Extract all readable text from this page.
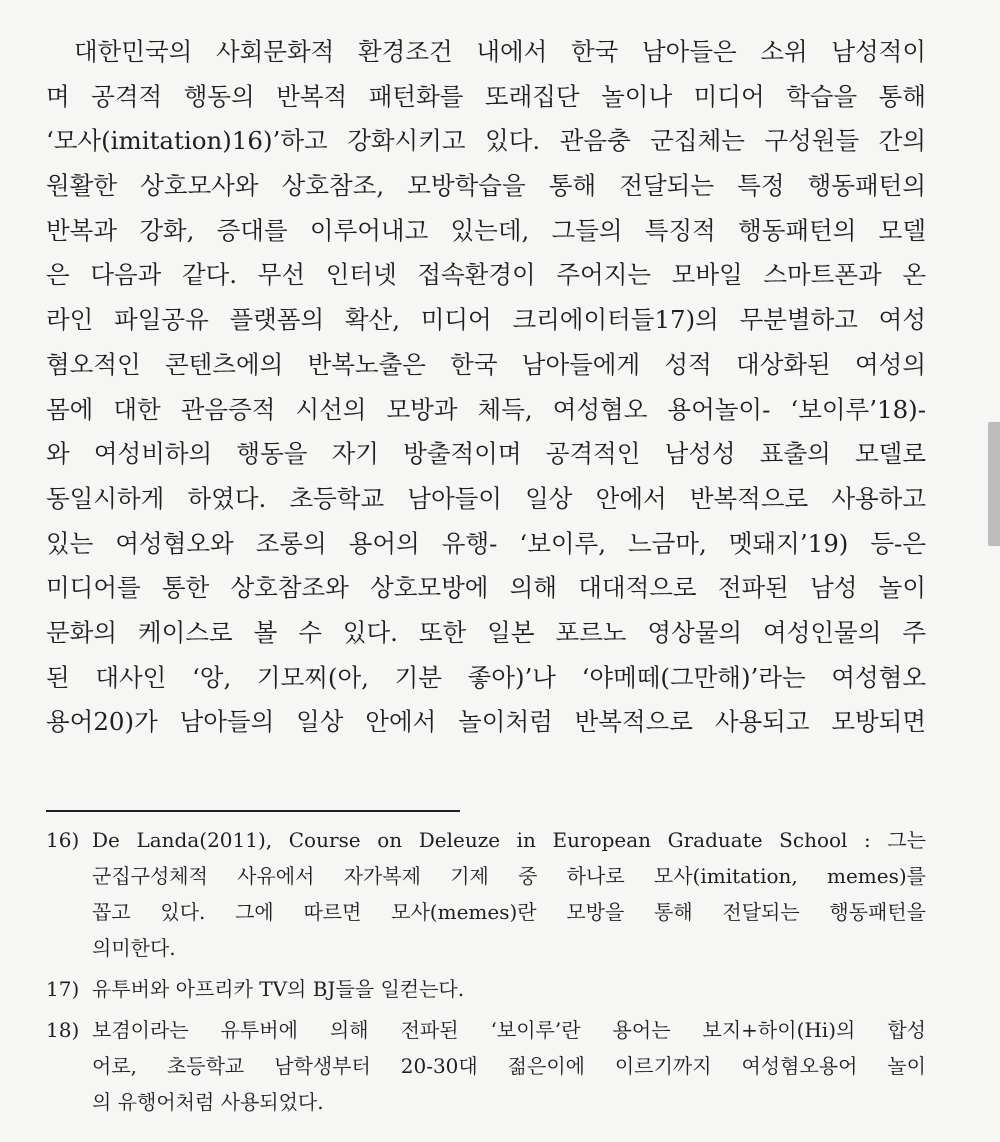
대한민국의 사회문화적 환경조건 내에서 한국 남아들은 소위 남성적이
며 공격적 행동의 반복적 패턴화를 또래집단 놀이나 미디어 학습을 통해
‘모사(imitation)16)’하고 강화시키고 있다. 관음충 군집체는 구성원들 간의
원활한 상호모사와 상호참조, 모방학습을 통해 전달되는 특정 행동패턴의
반복과 강화, 증대를 이루어내고 있는데, 그들의 특징적 행동패턴의 모델
은 다음과 같다. 무선 인터넷 접속환경이 주어지는 모바일 스마트폰과 온
라인 파일공유 플랫폼의 확산, 미디어 크리에이터들17)의 무분별하고 여성
혐오적인 콘텐츠에의 반복노출은 한국 남아들에게 성적 대상화된 여성의
몸에 대한 관음증적 시선의 모방과 체득, 여성혐오 용어놀이- ‘보이루’18)-
와 여성비하의 행동을 자기 방출적이며 공격적인 남성성 표출의 모델로
동일시하게 하였다. 초등학교 남아들이 일상 안에서 반복적으로 사용하고
있는 여성혐오와 조롱의 용어의 유행- ‘보이루, 느금마, 멧돼지’19) 등-은
미디어를 통한 상호참조와 상호모방에 의해 대대적으로 전파된 남성 놀이
문화의 케이스로 볼 수 있다. 또한 일본 포르노 영상물의 여성인물의 주
된 대사인 ‘앙, 기모찌(아, 기분 좋아)’나 ‘야메떼(그만해)’라는 여성혐오
용어20)가 남아들의 일상 안에서 놀이처럼 반복적으로 사용되고 모방되면
16) De Landa(2011), Course on Deleuze in European Graduate School : 그는
군집구성체적 사유에서 자가복제 기제 중 하나로 모사(imitation, memes)를
꼽고 있다. 그에 따르면 모사(memes)란 모방을 통해 전달되는 행동패턴을
의미한다.
17) 유투버와 아프리카 TV의 BJ들을 일컫는다.
18) 보겸이라는 유투버에 의해 전파된 ‘보이루’란 용어는 보지+하이(Hi)의 합성
어로, 초등학교 남학생부터 20-30대 젊은이에 이르기까지 여성혐오용어 놀이
의 유행어처럼 사용되었다.
